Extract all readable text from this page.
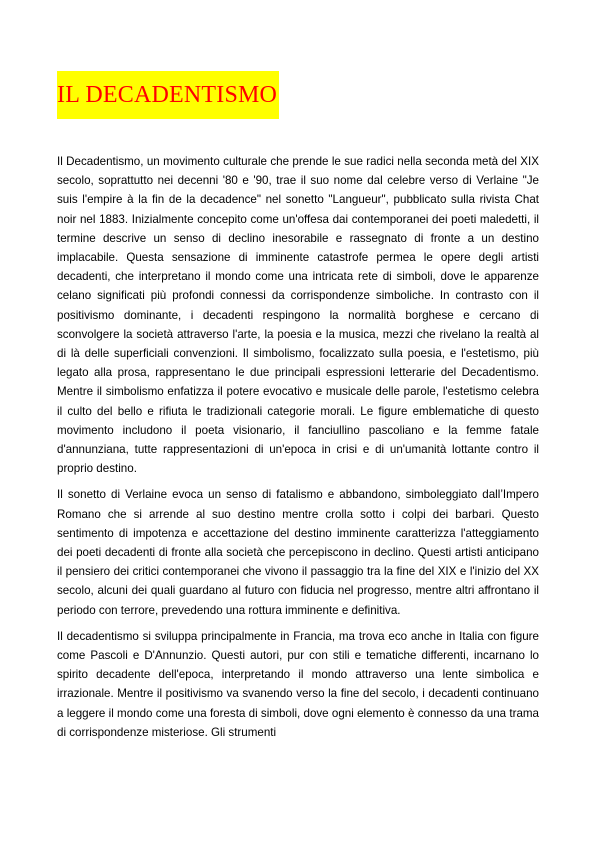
IL DECADENTISMO

Il Decadentismo, un movimento culturale che prende le sue radici nella seconda metà del XIX secolo, soprattutto nei decenni '80 e '90, trae il suo nome dal celebre verso di Verlaine "Je suis l'empire à la fin de la decadence" nel sonetto "Langueur", pubblicato sulla rivista Chat noir nel 1883. Inizialmente concepito come un'offesa dai contemporanei dei poeti maledetti, il termine descrive un senso di declino inesorabile e rassegnato di fronte a un destino implacabile. Questa sensazione di imminente catastrofe permea le opere degli artisti decadenti, che interpretano il mondo come una intricata rete di simboli, dove le apparenze celano significati più profondi connessi da corrispondenze simboliche. In contrasto con il positivismo dominante, i decadenti respingono la normalità borghese e cercano di sconvolgere la società attraverso l'arte, la poesia e la musica, mezzi che rivelano la realtà al di là delle superficiali convenzioni. Il simbolismo, focalizzato sulla poesia, e l'estetismo, più legato alla prosa, rappresentano le due principali espressioni letterarie del Decadentismo. Mentre il simbolismo enfatizza il potere evocativo e musicale delle parole, l'estetismo celebra il culto del bello e rifiuta le tradizionali categorie morali. Le figure emblematiche di questo movimento includono il poeta visionario, il fanciullino pascoliano e la femme fatale d'annunziana, tutte rappresentazioni di un'epoca in crisi e di un'umanità lottante contro il proprio destino.

Il sonetto di Verlaine evoca un senso di fatalismo e abbandono, simboleggiato dall’Impero Romano che si arrende al suo destino mentre crolla sotto i colpi dei barbari. Questo sentimento di impotenza e accettazione del destino imminente caratterizza l'atteggiamento dei poeti decadenti di fronte alla società che percepiscono in declino. Questi artisti anticipano il pensiero dei critici contemporanei che vivono il passaggio tra la fine del XIX e l'inizio del XX secolo, alcuni dei quali guardano al futuro con fiducia nel progresso, mentre altri affrontano il periodo con terrore, prevedendo una rottura imminente e definitiva.

Il decadentismo si sviluppa principalmente in Francia, ma trova eco anche in Italia con figure come Pascoli e D'Annunzio. Questi autori, pur con stili e tematiche differenti, incarnano lo spirito decadente dell'epoca, interpretando il mondo attraverso una lente simbolica e irrazionale. Mentre il positivismo va svanendo verso la fine del secolo, i decadenti continuano a leggere il mondo come una foresta di simboli, dove ogni elemento è connesso da una trama di corrispondenze misteriose. Gli strumenti
